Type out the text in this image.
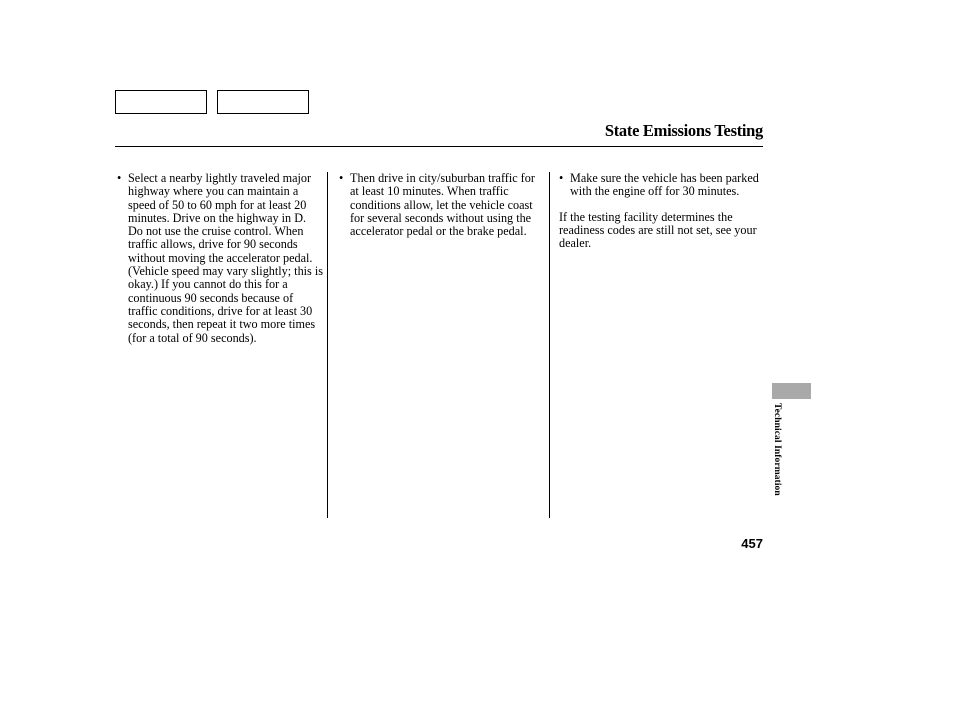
State Emissions Testing

• Select a nearby lightly traveled major highway where you can maintain a speed of 50 to 60 mph for at least 20 minutes. Drive on the highway in D. Do not use the cruise control. When traffic allows, drive for 90 seconds without moving the accelerator pedal. (Vehicle speed may vary slightly; this is okay.) If you cannot do this for a continuous 90 seconds because of traffic conditions, drive for at least 30 seconds, then repeat it two more times (for a total of 90 seconds).

• Then drive in city/suburban traffic for at least 10 minutes. When traffic conditions allow, let the vehicle coast for several seconds without using the accelerator pedal or the brake pedal.

• Make sure the vehicle has been parked with the engine off for 30 minutes.

If the testing facility determines the readiness codes are still not set, see your dealer.

Technical Information
457
